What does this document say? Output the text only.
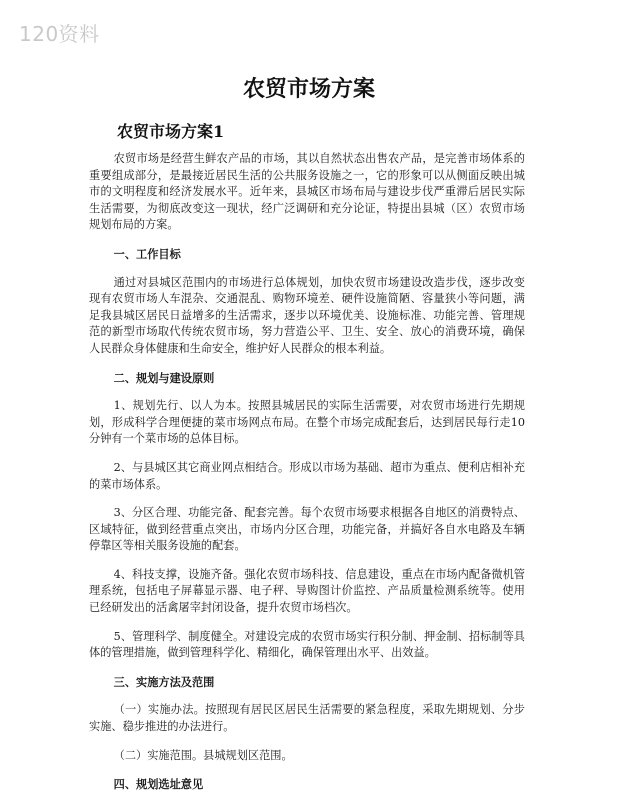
120资料
农贸市场方案
农贸市场方案1

农贸市场是经营生鲜农产品的市场，其以自然状态出售农产品，是完善市场体系的重要组成部分，是最接近居民生活的公共服务设施之一，它的形象可以从侧面反映出城市的文明程度和经济发展水平。近年来，县城区市场布局与建设步伐严重滞后居民实际生活需要，为彻底改变这一现状，经广泛调研和充分论证，特提出县城（区）农贸市场规划布局的方案。

一、工作目标

通过对县城区范围内的市场进行总体规划，加快农贸市场建设改造步伐，逐步改变现有农贸市场人车混杂、交通混乱、购物环境差、硬件设施简陋、容量狭小等问题，满足我县城区居民日益增多的生活需求，逐步以环境优美、设施标准、功能完善、管理规范的新型市场取代传统农贸市场，努力营造公平、卫生、安全、放心的消费环境，确保人民群众身体健康和生命安全，维护好人民群众的根本利益。

二、规划与建设原则

1、规划先行、以人为本。按照县城居民的实际生活需要，对农贸市场进行先期规划，形成科学合理便捷的菜市场网点布局。在整个市场完成配套后，达到居民每行走10分钟有一个菜市场的总体目标。

2、与县城区其它商业网点相结合。形成以市场为基础、超市为重点、便利店相补充的菜市场体系。

3、分区合理、功能完备、配套完善。每个农贸市场要求根据各自地区的消费特点、区域特征，做到经营重点突出，市场内分区合理，功能完备，并搞好各自水电路及车辆停靠区等相关服务设施的配套。

4、科技支撑，设施齐备。强化农贸市场科技、信息建设，重点在市场内配备微机管理系统，包括电子屏幕显示器、电子秤、导购图计价监控、产品质量检测系统等。使用已经研发出的活禽屠宰封闭设备，提升农贸市场档次。

5、管理科学、制度健全。对建设完成的农贸市场实行积分制、押金制、招标制等具体的管理措施，做到管理科学化、精细化，确保管理出水平、出效益。

三、实施方法及范围

（一）实施办法。按照现有居民区居民生活需要的紧急程度，采取先期规划、分步实施、稳步推进的办法进行。

（二）实施范围。县城规划区范围。

四、规划选址意见
